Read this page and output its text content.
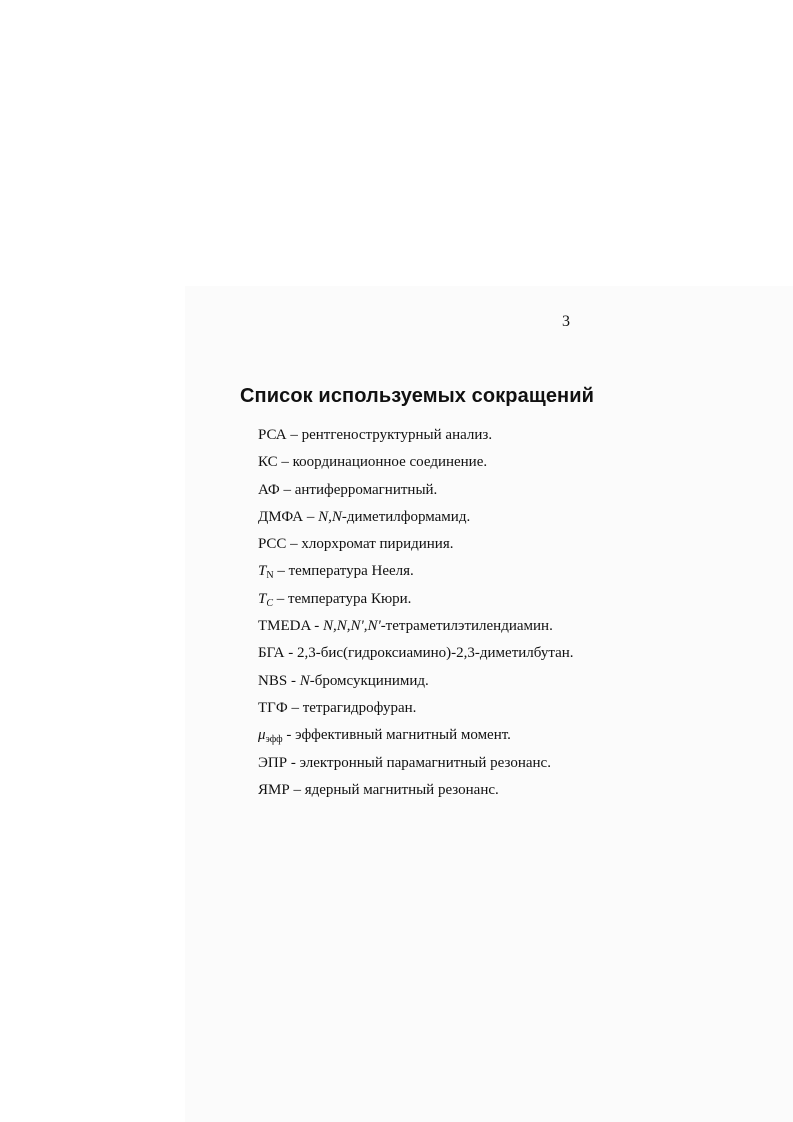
3
Список используемых сокращений
РСА – рентгеноструктурный анализ.
КС – координационное соединение.
АФ – антиферромагнитный.
ДМФА – N,N-диметилформамид.
PCC – хлорхромат пиридиния.
$T_N$ – температура Нееля.
$T_C$ – температура Кюри.
TMEDA - N,N,N',N'-тетраметилэтилендиамин.
БГА - 2,3-бис(гидроксиамино)-2,3-диметилбутан.
NBS - N-бромсукцинимид.
ТГФ – тетрагидрофуран.
$\mu_{эфф}$ - эффективный магнитный момент.
ЭПР - электронный парамагнитный резонанс.
ЯМР – ядерный магнитный резонанс.
